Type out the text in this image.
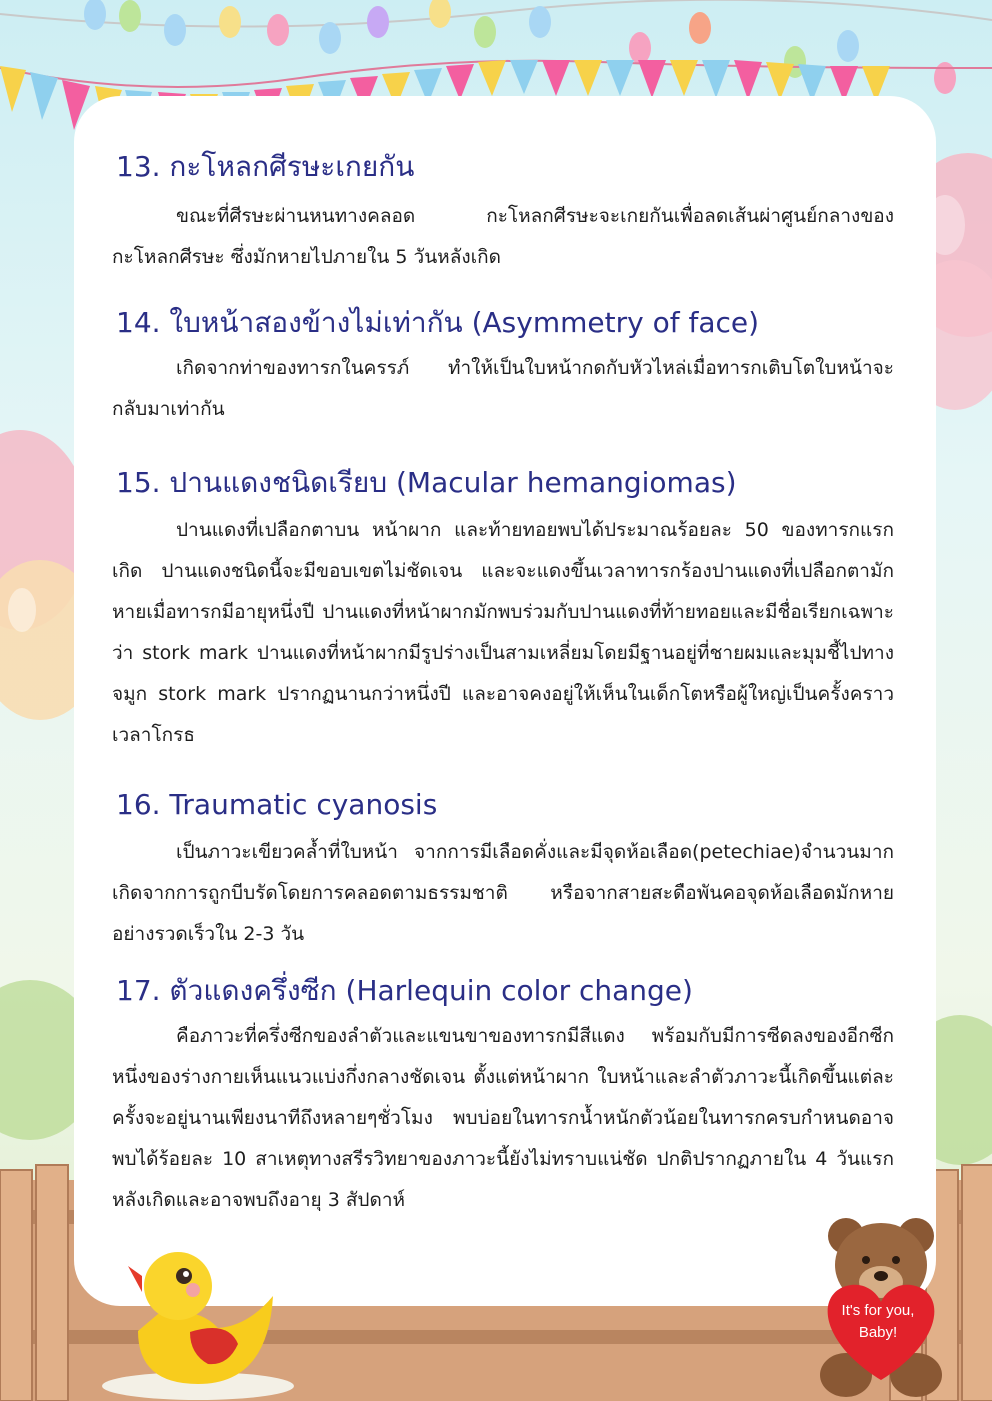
13. กะโหลกศีรษะเกยกัน

ขณะที่ศีรษะผ่านหนทางคลอด กะโหลกศีรษะจะเกยกันเพื่อลดเส้นผ่าศูนย์กลางของกะโหลกศีรษะ ซึ่งมักหายไปภายใน 5 วันหลังเกิด

14. ใบหน้าสองข้างไม่เท่ากัน (Asymmetry of face)

เกิดจากท่าของทารกในครรภ์ ทำให้เป็นใบหน้ากดกับหัวไหล่เมื่อทารกเติบโตใบหน้าจะกลับมาเท่ากัน

15. ปานแดงชนิดเรียบ (Macular hemangiomas)

ปานแดงที่เปลือกตาบน หน้าผาก และท้ายทอยพบได้ประมาณร้อยละ 50 ของทารกแรกเกิด ปานแดงชนิดนี้จะมีขอบเขตไม่ชัดเจน และจะแดงขึ้นเวลาทารกร้องปานแดงที่เปลือกตามักหายเมื่อทารกมีอายุหนึ่งปี ปานแดงที่หน้าผากมักพบร่วมกับปานแดงที่ท้ายทอยและมีชื่อเรียกเฉพาะว่า stork mark ปานแดงที่หน้าผากมีรูปร่างเป็นสามเหลี่ยมโดยมีฐานอยู่ที่ชายผมและมุมชี้ไปทางจมูก stork mark ปรากฏนานกว่าหนึ่งปี และอาจคงอยู่ให้เห็นในเด็กโตหรือผู้ใหญ่เป็นครั้งคราวเวลาโกรธ

16. Traumatic cyanosis

เป็นภาวะเขียวคล้ำที่ใบหน้า จากการมีเลือดคั่งและมีจุดห้อเลือด(petechiae)จำนวนมาก เกิดจากการถูกบีบรัดโดยการคลอดตามธรรมชาติ หรือจากสายสะดือพันคอจุดห้อเลือดมักหายอย่างรวดเร็วใน 2-3 วัน

17. ตัวแดงครึ่งซีก (Harlequin color change)

คือภาวะที่ครึ่งซีกของลำตัวและแขนขาของทารกมีสีแดง พร้อมกับมีการซีดลงของอีกซีกหนึ่งของร่างกายเห็นแนวแบ่งกึ่งกลางชัดเจน ตั้งแต่หน้าผาก ใบหน้าและลำตัวภาวะนี้เกิดขึ้นแต่ละครั้งจะอยู่นานเพียงนาทีถึงหลายๆชั่วโมง พบบ่อยในทารกน้ำหนักตัวน้อยในทารกครบกำหนดอาจพบได้ร้อยละ 10 สาเหตุทางสรีรวิทยาของภาวะนี้ยังไม่ทราบแน่ชัด ปกติปรากฏภายใน 4 วันแรก หลังเกิดและอาจพบถึงอายุ 3 สัปดาห์

It's for you,
Baby!
